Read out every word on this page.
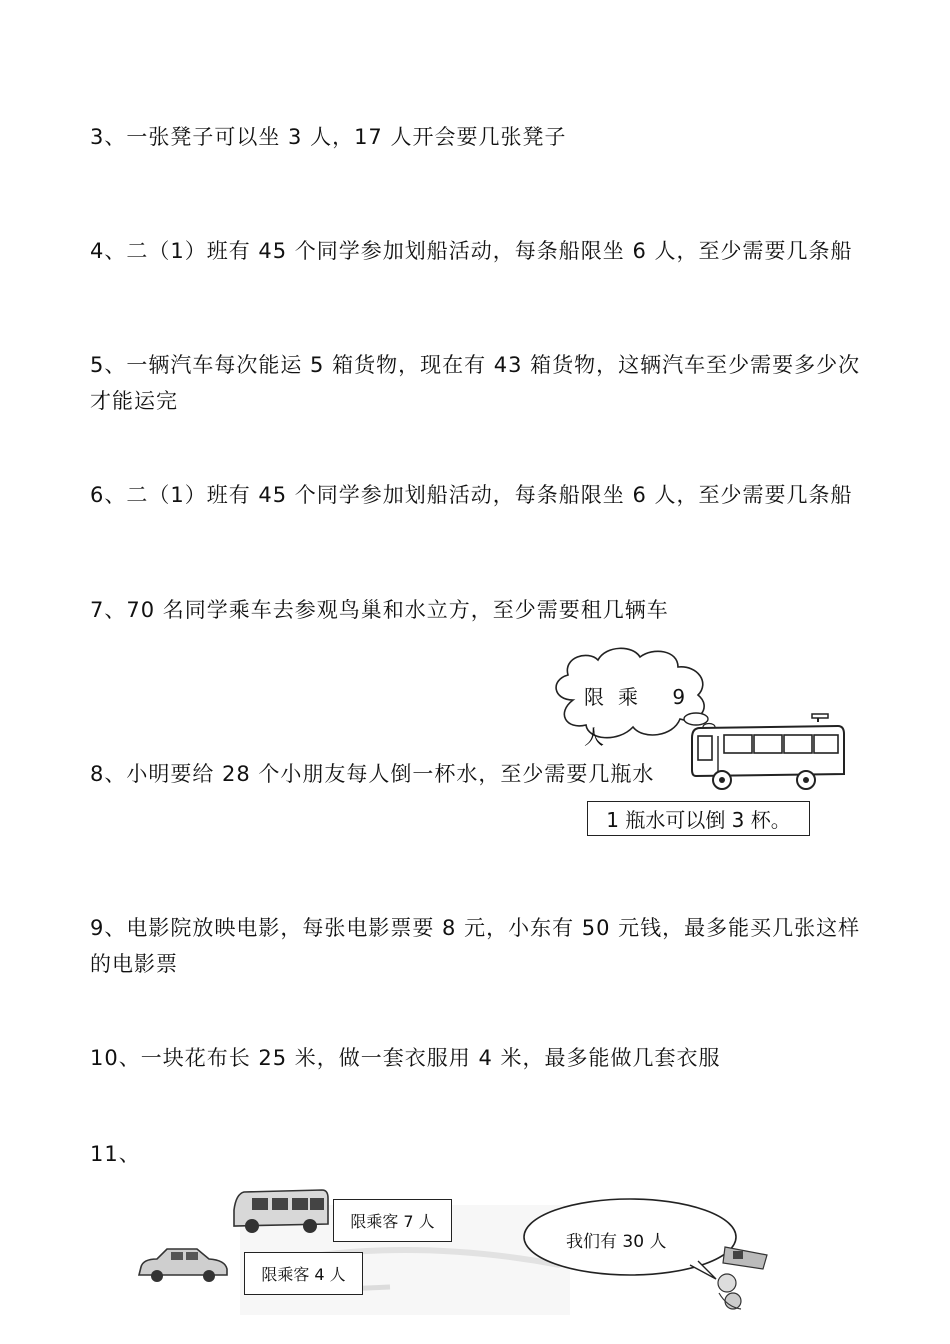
3、一张凳子可以坐 3 人，17 人开会要几张凳子

4、二（1）班有 45 个同学参加划船活动，每条船限坐 6 人，至少需要几条船

5、一辆汽车每次能运 5 箱货物，现在有 43 箱货物，这辆汽车至少需要多少次才能运完

6、二（1）班有 45 个同学参加划船活动，每条船限坐 6 人，至少需要几条船

7、70 名同学乘车去参观鸟巢和水立方，至少需要租几辆车

8、小明要给 28 个小朋友每人倒一杯水，至少需要几瓶水

9、电影院放映电影，每张电影票要 8 元，小东有 50 元钱，最多能买几张这样的电影票

10、一块花布长 25 米，做一套衣服用 4 米，最多能做几套衣服

11、

限乘 9 人
1 瓶水可以倒 3 杯。
限乘客 7 人
限乘客 4 人
我们有 30 人
